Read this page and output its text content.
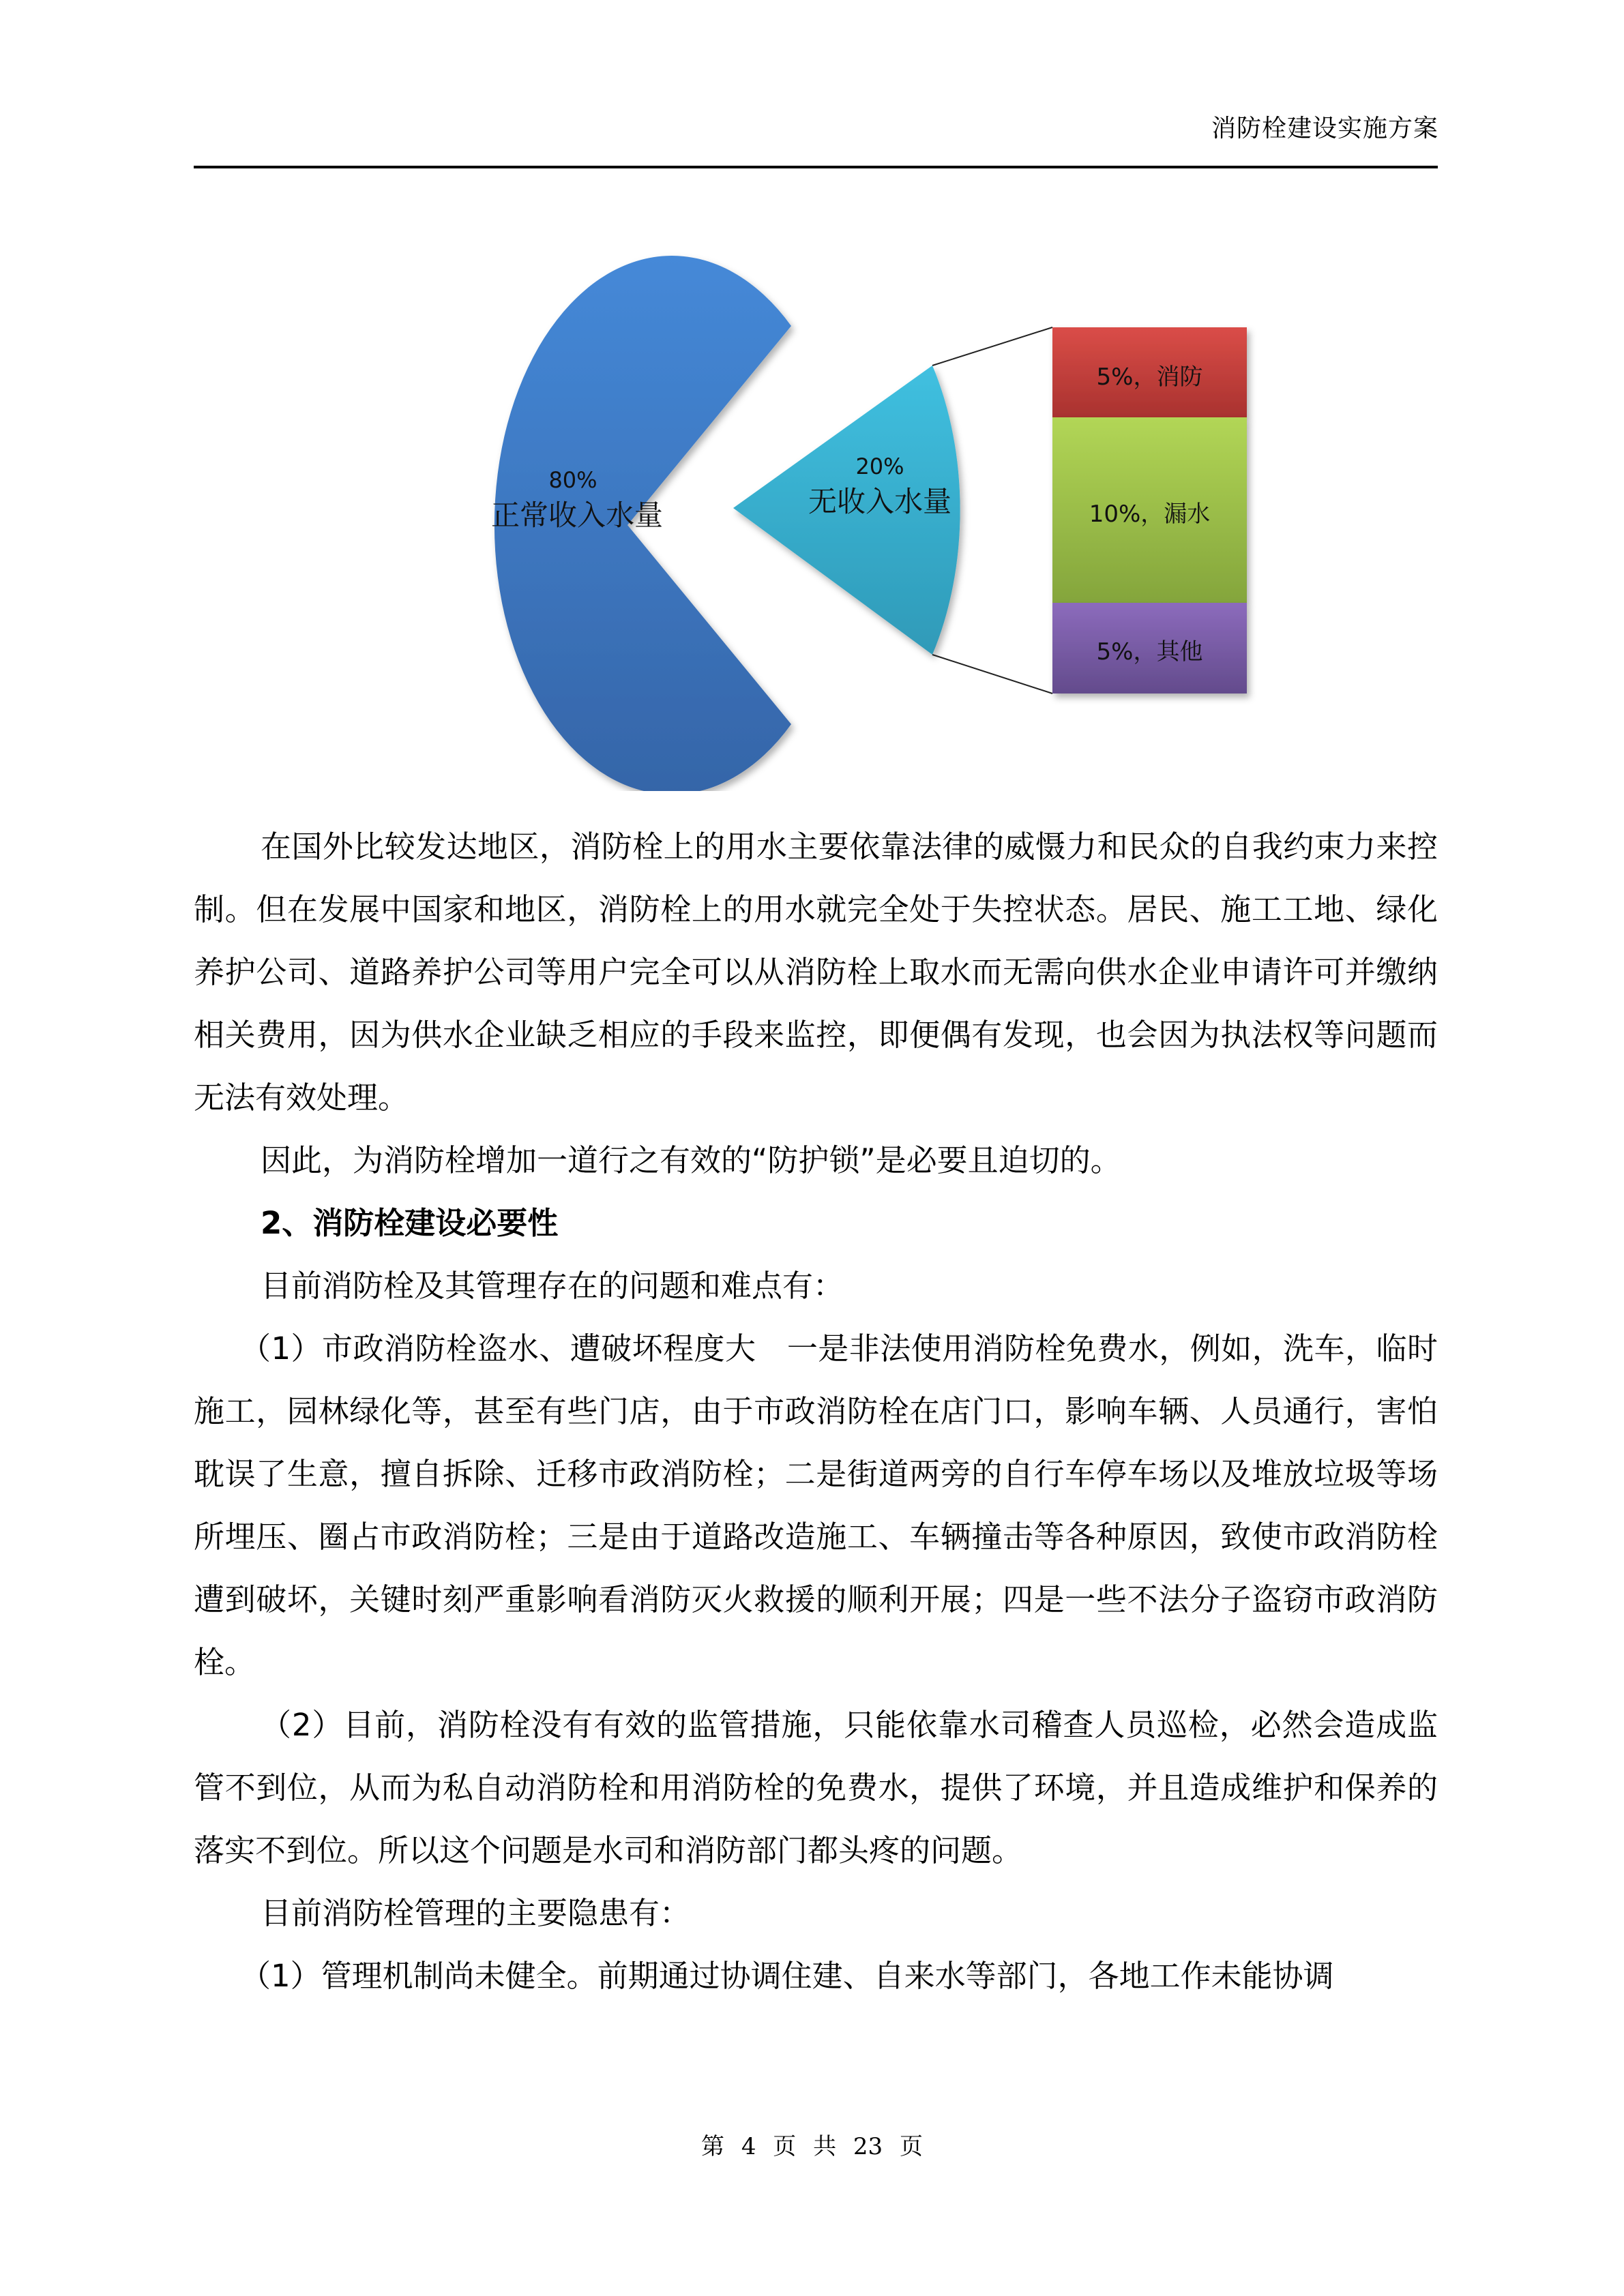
消防栓建设实施方案
80%
正常收入水量
20%
无收入水量
5%，消防
10%，漏水
5%，其他

在国外比较发达地区，消防栓上的用水主要依靠法律的威慑力和民众的自我约束力来控制。但在发展中国家和地区，消防栓上的用水就完全处于失控状态。居民、施工工地、绿化养护公司、道路养护公司等用户完全可以从消防栓上取水而无需向供水企业申请许可并缴纳相关费用，因为供水企业缺乏相应的手段来监控，即便偶有发现，也会因为执法权等问题而无法有效处理。

因此，为消防栓增加一道行之有效的“防护锁”是必要且迫切的。

2、消防栓建设必要性

目前消防栓及其管理存在的问题和难点有：

（1）市政消防栓盗水、遭破坏程度大　一是非法使用消防栓免费水，例如，洗车，临时施工，园林绿化等，甚至有些门店，由于市政消防栓在店门口，影响车辆、人员通行，害怕耽误了生意，擅自拆除、迁移市政消防栓；二是街道两旁的自行车停车场以及堆放垃圾等场所埋压、圈占市政消防栓；三是由于道路改造施工、车辆撞击等各种原因，致使市政消防栓遭到破坏，关键时刻严重影响看消防灭火救援的顺利开展；四是一些不法分子盗窃市政消防栓。

（2）目前，消防栓没有有效的监管措施，只能依靠水司稽查人员巡检，必然会造成监管不到位，从而为私自动消防栓和用消防栓的免费水，提供了环境，并且造成维护和保养的落实不到位。所以这个问题是水司和消防部门都头疼的问题。

目前消防栓管理的主要隐患有：

（1）管理机制尚未健全。前期通过协调住建、自来水等部门，各地工作未能协调

第 4 页 共 23 页
